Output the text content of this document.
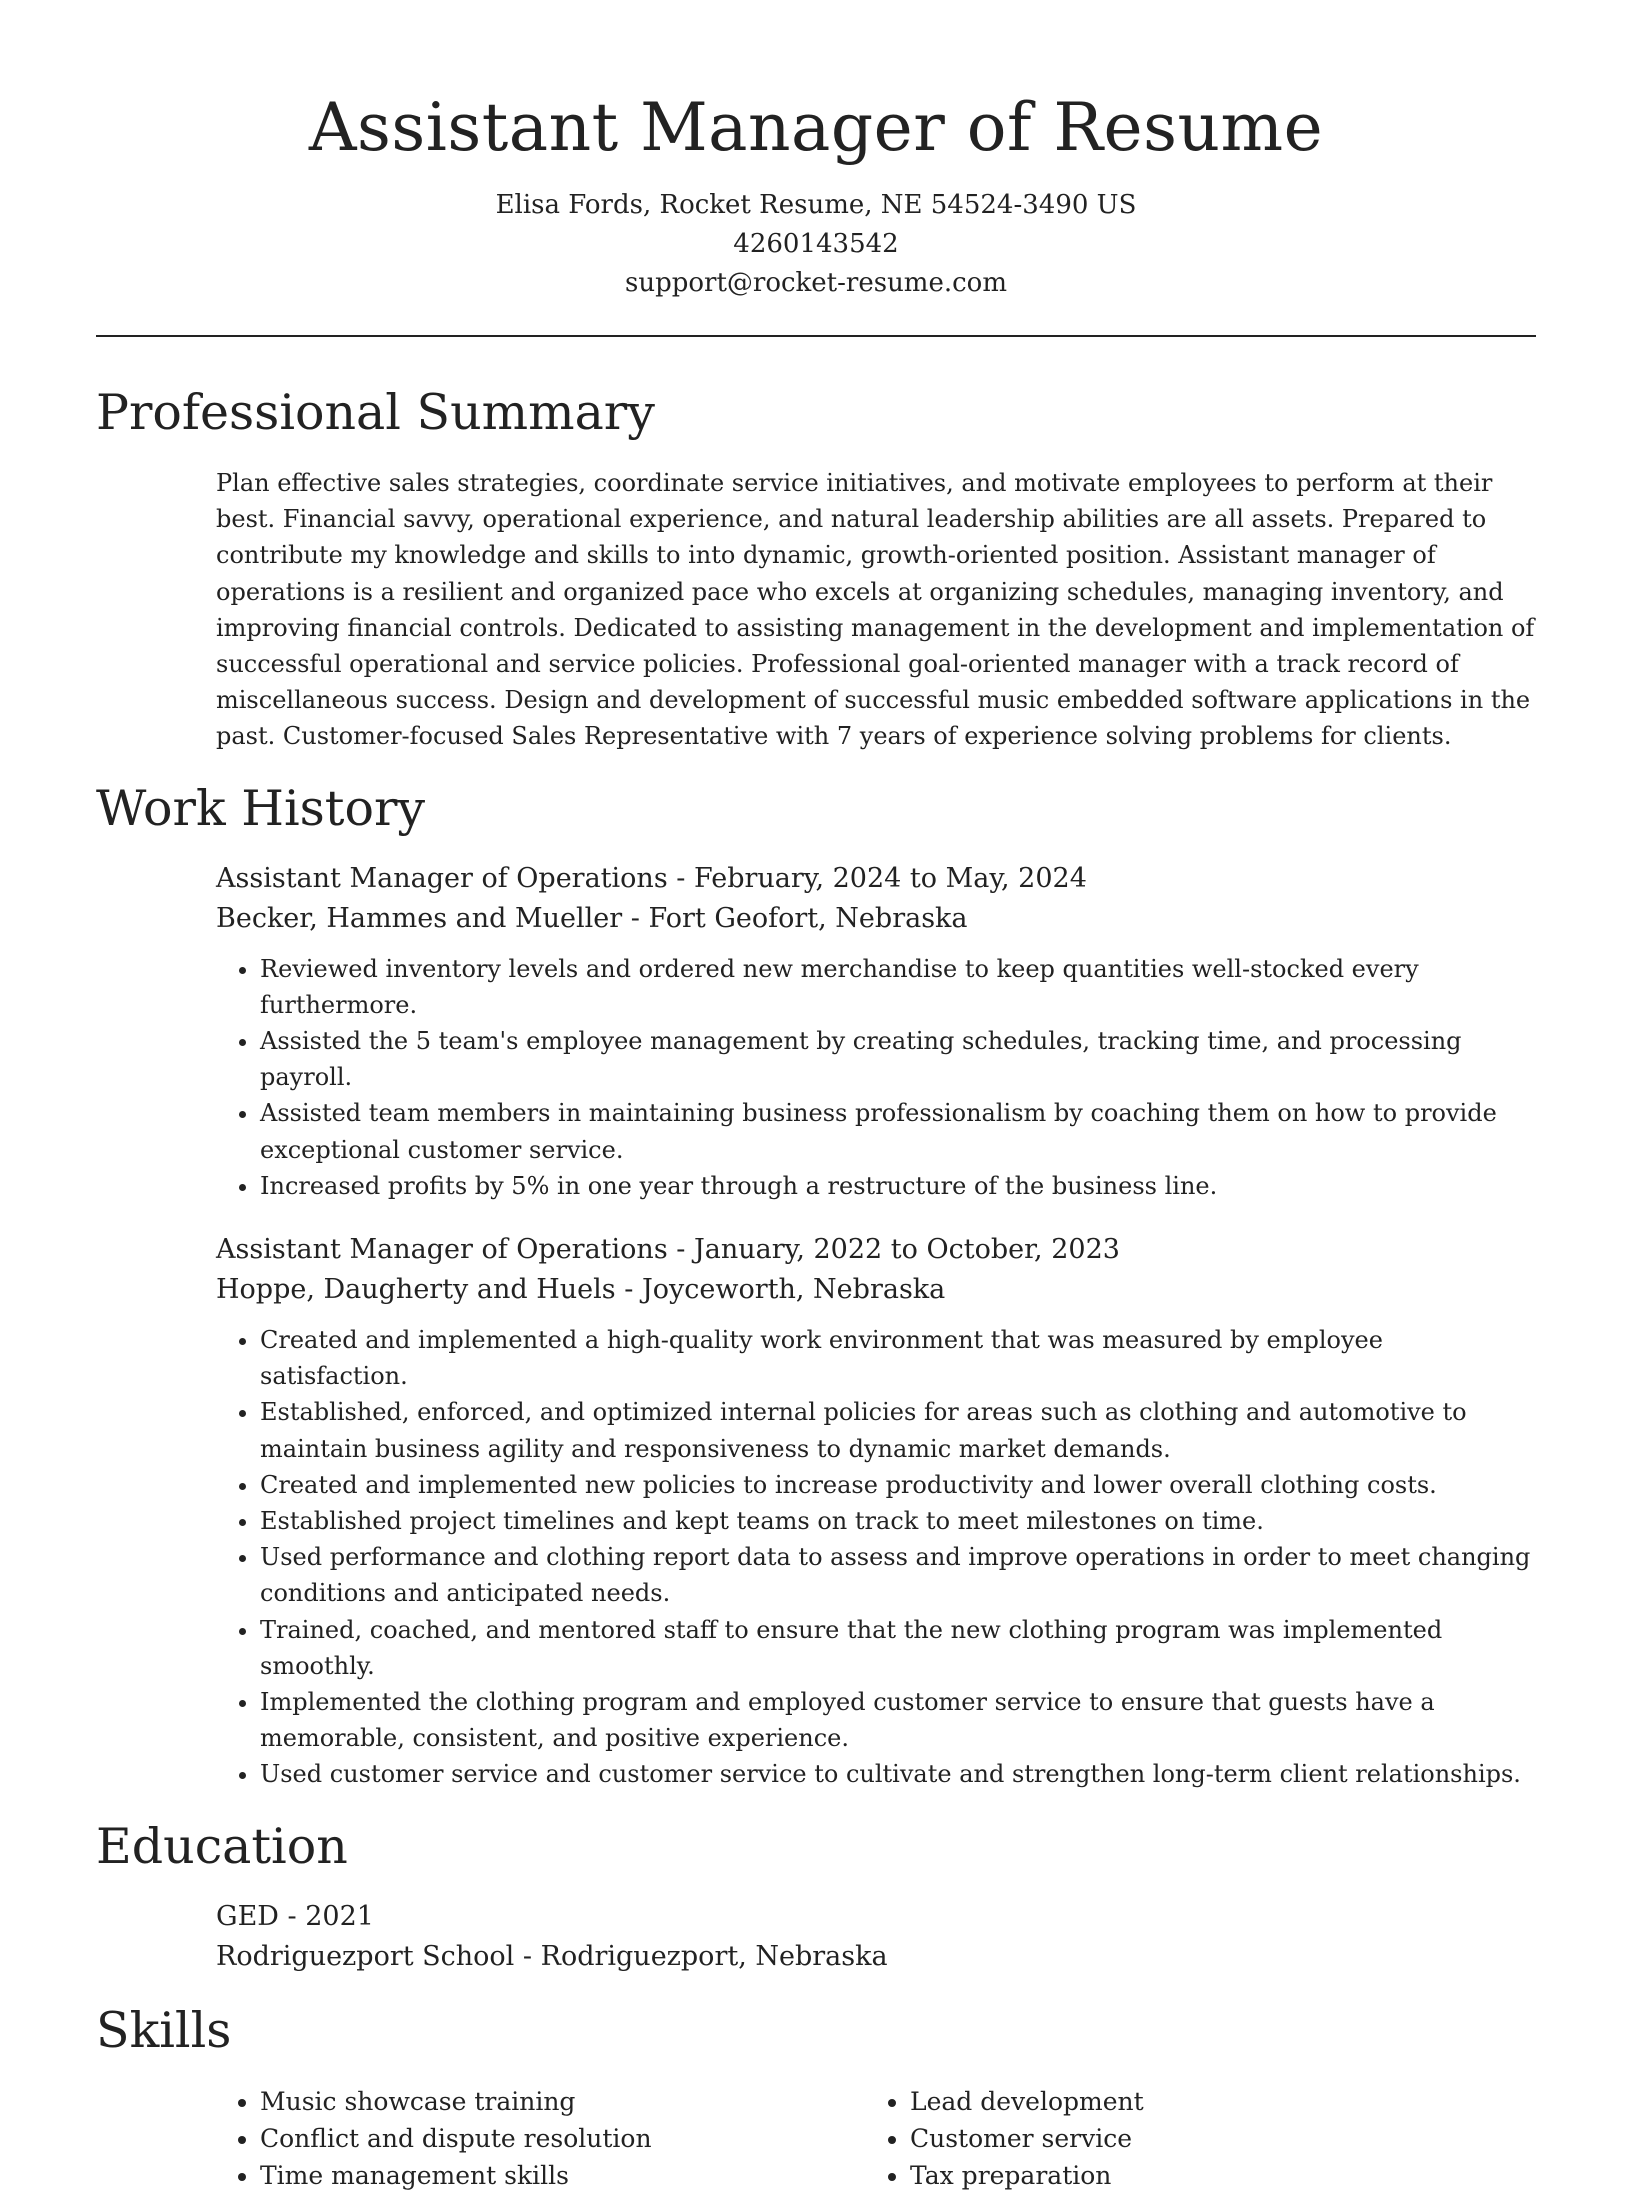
Assistant Manager of Resume
Elisa Fords, Rocket Resume, NE 54524-3490 US
4260143542
support@rocket-resume.com
Professional Summary

Plan effective sales strategies, coordinate service initiatives, and motivate employees to perform at their best. Financial savvy, operational experience, and natural leadership abilities are all assets. Prepared to contribute my knowledge and skills to into dynamic, growth-oriented position. Assistant manager of operations is a resilient and organized pace who excels at organizing schedules, managing inventory, and improving financial controls. Dedicated to assisting management in the development and implementation of successful operational and service policies. Professional goal-oriented manager with a track record of miscellaneous success. Design and development of successful music embedded software applications in the past. Customer-focused Sales Representative with 7 years of experience solving problems for clients.

Work History
Assistant Manager of Operations - February, 2024 to May, 2024
Becker, Hammes and Mueller - Fort Geofort, Nebraska
• Reviewed inventory levels and ordered new merchandise to keep quantities well-stocked every furthermore.
• Assisted the 5 team's employee management by creating schedules, tracking time, and processing payroll.
• Assisted team members in maintaining business professionalism by coaching them on how to provide exceptional customer service.
• Increased profits by 5% in one year through a restructure of the business line.
Assistant Manager of Operations - January, 2022 to October, 2023
Hoppe, Daugherty and Huels - Joyceworth, Nebraska
• Created and implemented a high-quality work environment that was measured by employee satisfaction.
• Established, enforced, and optimized internal policies for areas such as clothing and automotive to maintain business agility and responsiveness to dynamic market demands.
• Created and implemented new policies to increase productivity and lower overall clothing costs.
• Established project timelines and kept teams on track to meet milestones on time.
• Used performance and clothing report data to assess and improve operations in order to meet changing conditions and anticipated needs.
• Trained, coached, and mentored staff to ensure that the new clothing program was implemented smoothly.
• Implemented the clothing program and employed customer service to ensure that guests have a memorable, consistent, and positive experience.
• Used customer service and customer service to cultivate and strengthen long-term client relationships.
Education
GED - 2021
Rodriguezport School - Rodriguezport, Nebraska
Skills
• Music showcase training
• Conflict and dispute resolution
• Time management skills
• Lead development
• Customer service
• Tax preparation
